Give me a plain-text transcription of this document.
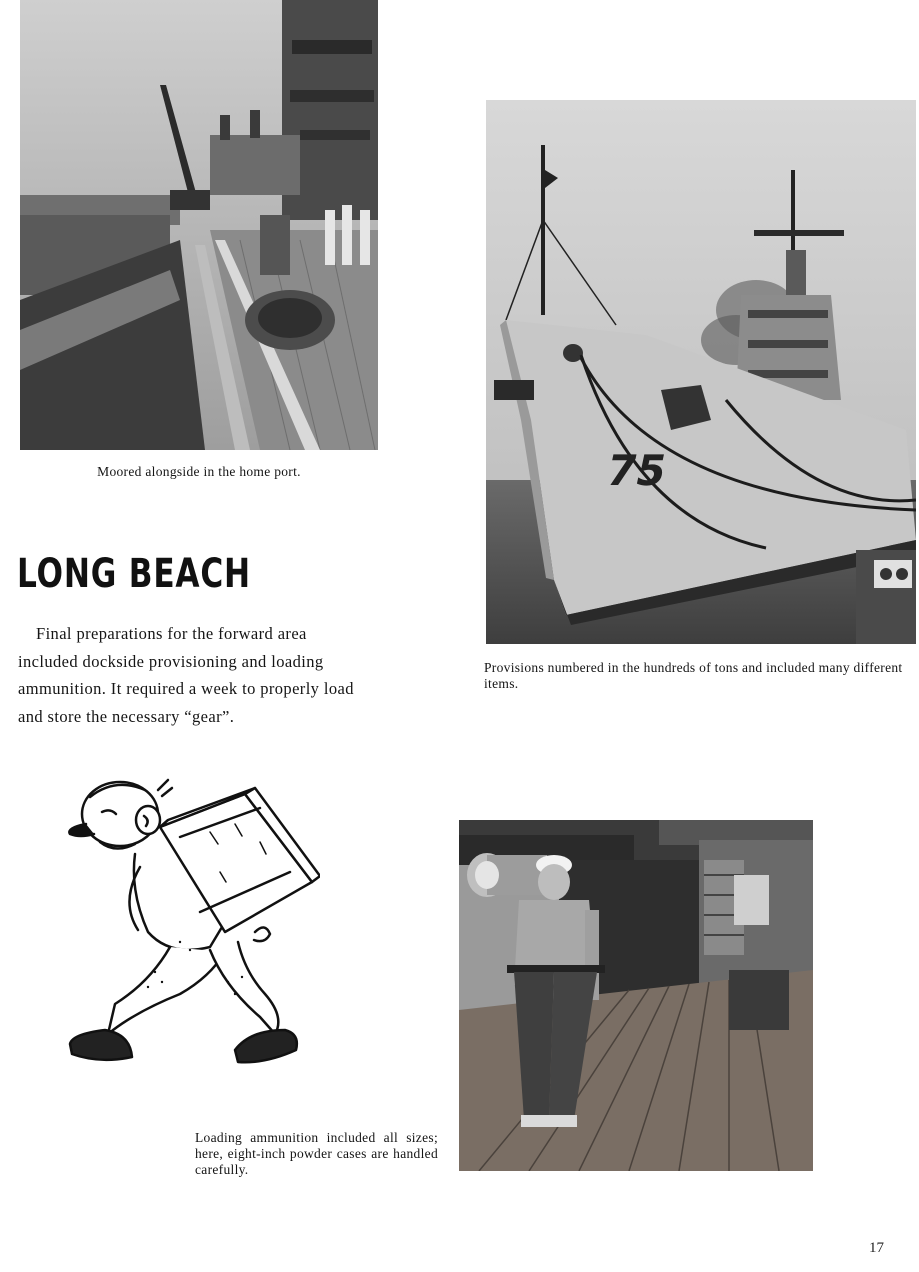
Moored alongside in the home port.	75
Provisions numbered in the hundreds of tons and included many different items.
LONG BEACH

Final preparations for the forward area included dockside provisioning and loading ammunition. It required a week to properly load and store the necessary “gear”.

Loading ammunition included all sizes; here, eight-inch powder cases are handled carefully.
17
